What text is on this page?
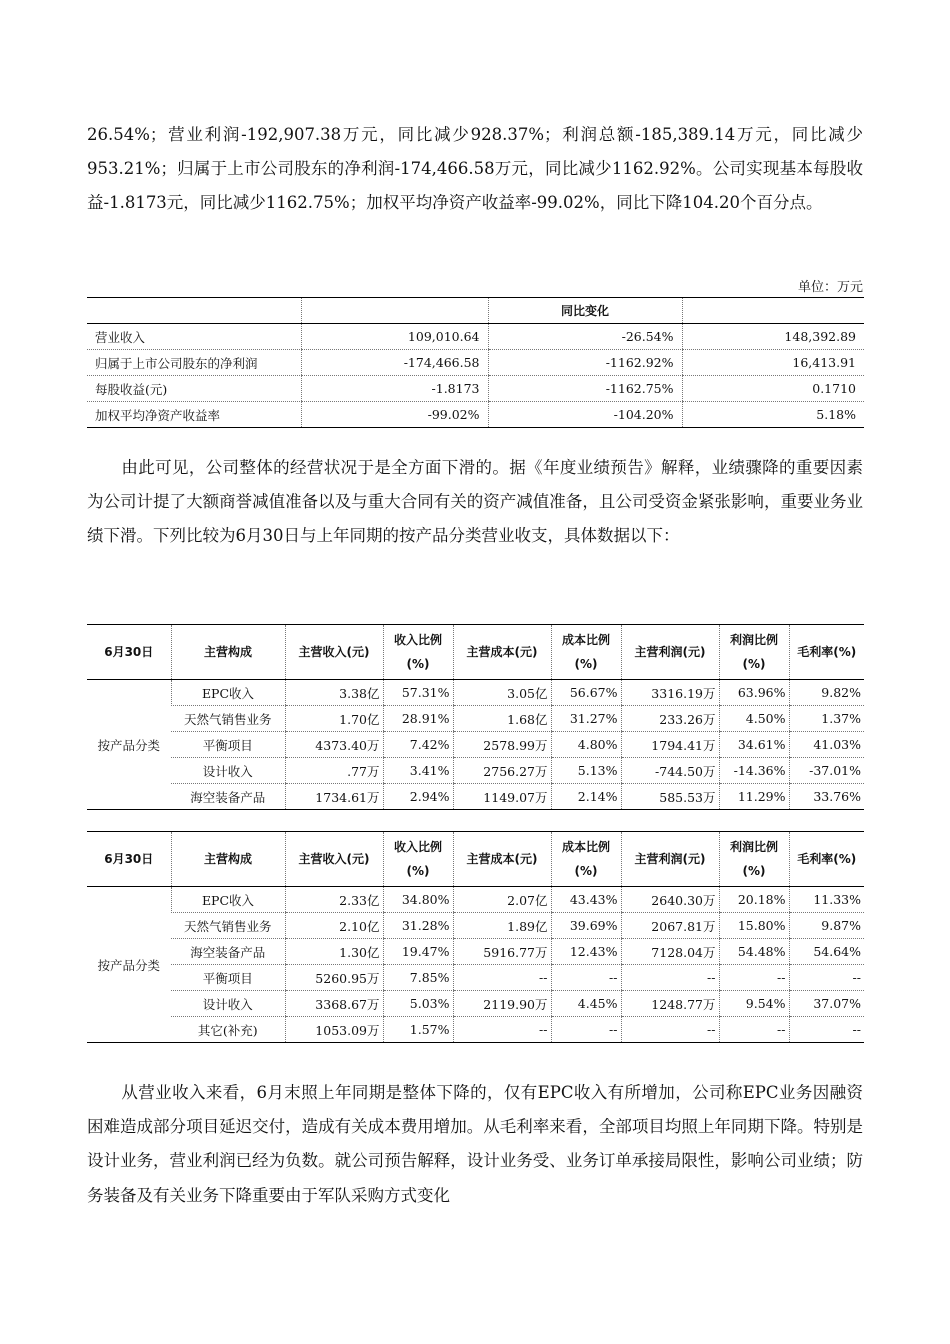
26.54%；营业利润-192,907.38万元，同比减少928.37%；利润总额-185,389.14万元，同比减少953.21%；归属于上市公司股东的净利润-174,466.58万元，同比减少1162.92%。公司实现基本每股收益-1.8173元，同比减少1162.75%；加权平均净资产收益率-99.02%，同比下降104.20个百分点。

单位：万元
		同比变化	
营业收入	109,010.64	-26.54%	148,392.89
归属于上市公司股东的净利润	-174,466.58	-1162.92%	16,413.91
每股收益(元)	-1.8173	-1162.75%	0.1710
加权平均净资产收益率	-99.02%	-104.20%	5.18%

由此可见，公司整体的经营状况于是全方面下滑的。据《年度业绩预告》解释，业绩骤降的重要因素为公司计提了大额商誉减值准备以及与重大合同有关的资产减值准备，且公司受资金紧张影响，重要业务业绩下滑。下列比较为6月30日与上年同期的按产品分类营业收支，具体数据以下：

6月30日	主营构成	主营收入(元)	收入比例(%)	主营成本(元)	成本比例(%)	主营利润(元)	利润比例(%)	毛利率(%)
按产品分类	EPC收入	3.38亿	57.31%	3.05亿	56.67%	3316.19万	63.96%	9.82%
	天然气销售业务	1.70亿	28.91%	1.68亿	31.27%	233.26万	4.50%	1.37%
	平衡项目	4373.40万	7.42%	2578.99万	4.80%	1794.41万	34.61%	41.03%
	设计收入	.77万	3.41%	2756.27万	5.13%	-744.50万	-14.36%	-37.01%
	海空装备产品	1734.61万	2.94%	1149.07万	2.14%	585.53万	11.29%	33.76%
6月30日	主营构成	主营收入(元)	收入比例(%)	主营成本(元)	成本比例(%)	主营利润(元)	利润比例(%)	毛利率(%)
按产品分类	EPC收入	2.33亿	34.80%	2.07亿	43.43%	2640.30万	20.18%	11.33%
	天然气销售业务	2.10亿	31.28%	1.89亿	39.69%	2067.81万	15.80%	9.87%
	海空装备产品	1.30亿	19.47%	5916.77万	12.43%	7128.04万	54.48%	54.64%
	平衡项目	5260.95万	7.85%	--	--	--	--	--
	设计收入	3368.67万	5.03%	2119.90万	4.45%	1248.77万	9.54%	37.07%
	其它(补充)	1053.09万	1.57%	--	--	--	--	--

从营业收入来看，6月末照上年同期是整体下降的，仅有EPC收入有所增加，公司称EPC业务因融资困难造成部分项目延迟交付，造成有关成本费用增加。从毛利率来看，全部项目均照上年同期下降。特别是设计业务，营业利润已经为负数。就公司预告解释，设计业务受、业务订单承接局限性，影响公司业绩；防务装备及有关业务下降重要由于军队采购方式变化
